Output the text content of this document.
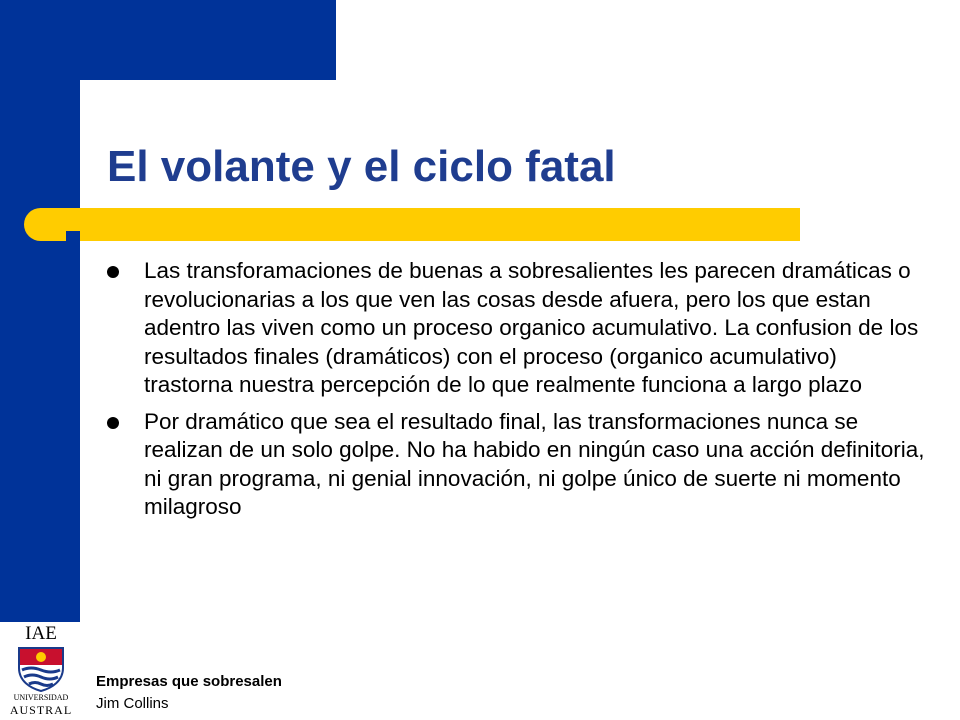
El volante y el ciclo fatal
Las transforamaciones de buenas a sobresalientes les parecen dramáticas o revolucionarias a los que ven las cosas desde afuera, pero los que estan adentro las viven como un proceso organico acumulativo. La confusion de los resultados finales (dramáticos) con el proceso (organico acumulativo) trastorna nuestra percepción de lo que realmente funciona a largo plazo
Por dramático que sea el resultado final, las transformaciones nunca se realizan de un solo golpe. No ha habido en ningún caso una acción definitoria, ni gran programa, ni genial innovación, ni golpe único de suerte ni momento milagroso
IAE
UNIVERSIDAD
AUSTRAL
Empresas que sobresalen
Jim Collins
